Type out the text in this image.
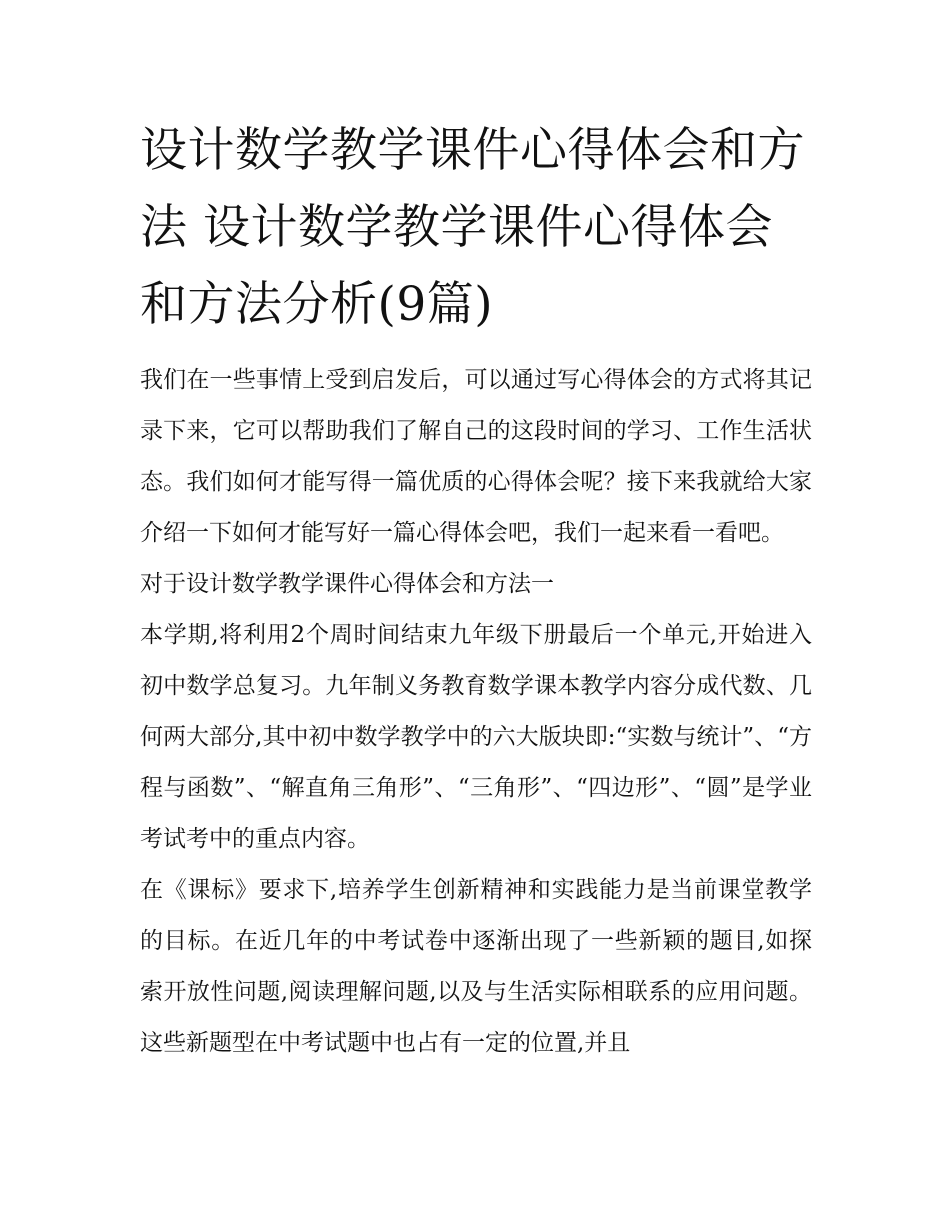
设计数学教学课件心得体会和方法 设计数学教学课件心得体会和方法分析(9篇)

我们在一些事情上受到启发后，可以通过写心得体会的方式将其记录下来，它可以帮助我们了解自己的这段时间的学习、工作生活状态。我们如何才能写得一篇优质的心得体会呢？接下来我就给大家介绍一下如何才能写好一篇心得体会吧，我们一起来看一看吧。

对于设计数学教学课件心得体会和方法一

本学期,将利用2个周时间结束九年级下册最后一个单元,开始进入初中数学总复习。九年制义务教育数学课本教学内容分成代数、几何两大部分,其中初中数学教学中的六大版块即:“实数与统计”、“方程与函数”、“解直角三角形”、“三角形”、“四边形”、“圆”是学业考试考中的重点内容。

在《课标》要求下,培养学生创新精神和实践能力是当前课堂教学的目标。在近几年的中考试卷中逐渐出现了一些新颖的题目,如探索开放性问题,阅读理解问题,以及与生活实际相联系的应用问题。这些新题型在中考试题中也占有一定的位置,并且
